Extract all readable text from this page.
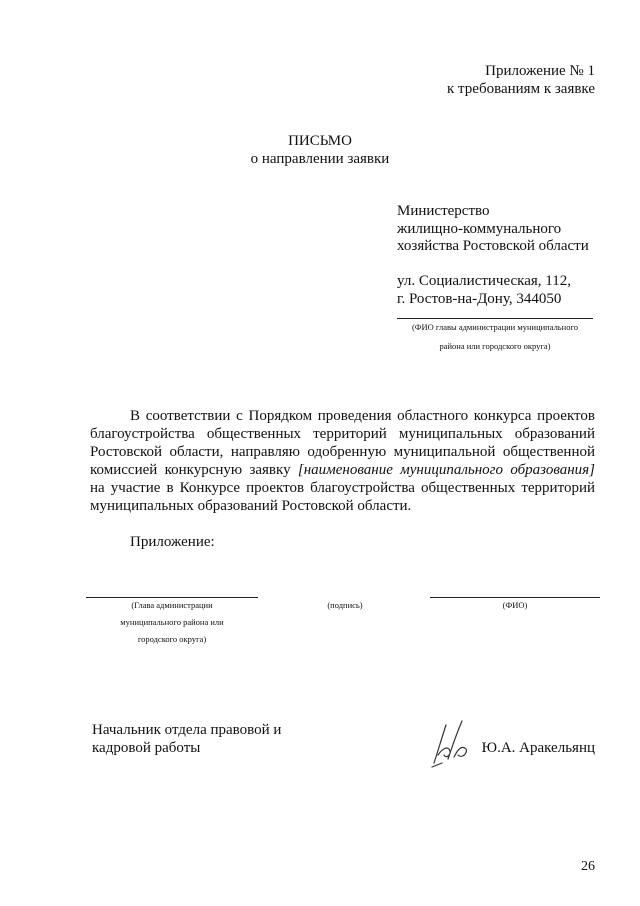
Приложение № 1
к требованиям к заявке
ПИСЬМО
о направлении заявки
Министерство
жилищно-коммунального
хозяйства Ростовской области
ул. Социалистическая, 112,
г. Ростов-на-Дону, 344050
(ФИО главы администрации муниципального
района или городского округа)

В соответствии с Порядком проведения областного конкурса проектов благоустройства общественных территорий муниципальных образований Ростовской области, направляю одобренную муниципальной общественной комиссией конкурсную заявку [наименование муниципального образования] на участие в Конкурсе проектов благоустройства общественных территорий муниципальных образований Ростовской области.

Приложение:
(Глава администрации
муниципального района или
городского округа)
(подпись)	(ФИО)
Начальник отдела правовой и
кадровой работы	Ю.А. Аракельянц
26
